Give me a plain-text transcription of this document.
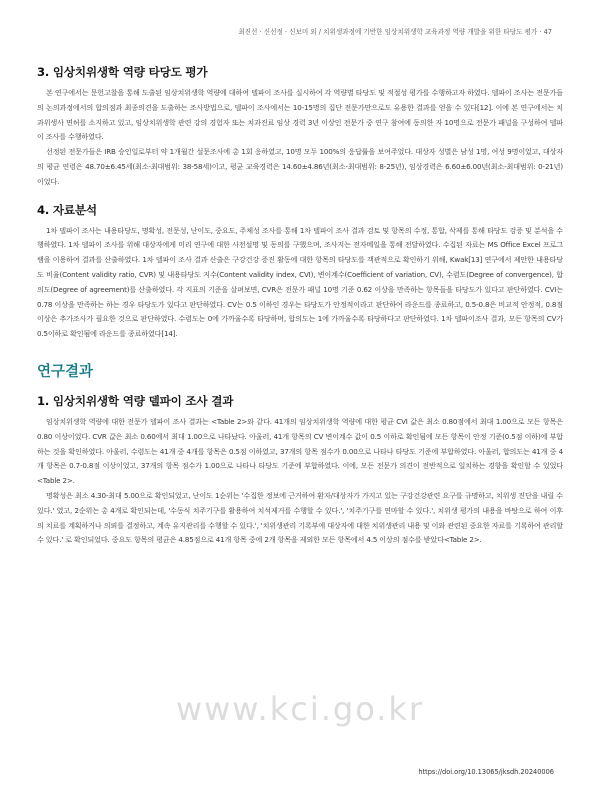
최진선 · 신선정 · 신보미 외 / 치위생과정에 기반한 임상치위생학 교육과정 역량 개발을 위한 타당도 평가 · 47
3. 임상치위생학 역량 타당도 평가

본 연구에서는 문헌고찰을 통해 도출된 임상치위생학 역량에 대하여 델파이 조사를 실시하여 각 역량별 타당도 및 적절성 평가를 수행하고자 하였다. 델파이 조사는 전문가들의 논의과정에서의 합의점과 최종의견을 도출하는 조사방법으로, 델파이 조사에서는 10-15명의 집단 전문가만으로도 유용한 결과를 얻을 수 있다[12]. 이에 본 연구에서는 치과위생사 면허를 소지하고 있고, 임상치위생학 관련 강의 경험자 또는 치과진료 임상 경력 3년 이상인 전문가 중 연구 참여에 동의한 자 10명으로 전문가 패널을 구성하여 델파이 조사를 수행하였다.

선정된 전문가들은 IRB 승인일로부터 약 1개월간 설문조사에 총 1회 응하였고, 10명 모두 100%의 응답률을 보여주었다. 대상자 성별은 남성 1명, 여성 9명이었고, 대상자의 평균 연령은 48.70±6.45세(최소-최대범위: 38-58세)이고, 평균 교육경력은 14.60±4.86년(최소-최대범위: 8-25년), 임상경력은 6.60±6.00년(최소-최대범위: 0-21년)이었다.

4. 자료분석

1차 델파이 조사는 내용타당도, 명확성, 전문성, 난이도, 중요도, 주체성 조사를 통해 1차 델파이 조사 결과 검토 및 항목의 수정, 통합, 삭제를 통해 타당도 검증 및 분석을 수행하였다. 1차 델파이 조사를 위해 대상자에게 미리 연구에 대한 사전설명 및 동의를 구했으며, 조사지는 전자메일을 통해 전달하였다. 수집된 자료는 MS Office Excel 프로그램을 이용하여 결과를 산출하였다. 1차 델파이 조사 결과 산출은 구강건강 증진 활동에 대한 항목의 타당도를 객관적으로 확인하기 위해, Kwak[13] 연구에서 제안한 내용타당도 비율(Content validity ratio, CVR) 및 내용타당도 지수(Content validity index, CVI), 변이계수(Coefficient of variation, CV), 수렴도(Degree of convergence), 합의도(Degree of agreement)를 산출하였다. 각 지표의 기준을 살펴보면, CVR은 전문가 패널 10명 기준 0.62 이상을 만족하는 항목들을 타당도가 있다고 판단하였다. CVI는 0.78 이상을 만족하는 하는 경우 타당도가 있다고 판단하였다. CV는 0.5 이하인 경우는 타당도가 안정적이라고 판단하여 라운드를 종료하고, 0.5-0.8은 비교적 안정적, 0.8점 이상은 추가조사가 필요한 것으로 판단하였다. 수렴도는 0에 가까울수록 타당하며, 합의도는 1에 가까울수록 타당하다고 판단하였다. 1차 델파이조사 결과, 모든 항목의 CV가 0.5이하로 확인됨에 라운드를 종료하였다[14].

연구결과
1. 임상치위생학 역량 델파이 조사 결과

임상치위생학 역량에 대한 전문가 델파이 조사 결과는 <Table 2>와 같다. 41개의 임상치위생학 역량에 대한 평균 CVI 값은 최소 0.80점에서 최대 1.00으로 모든 항목은 0.80 이상이었다. CVR 값은 최소 0.60에서 최대 1.00으로 나타났다. 아울러, 41개 항목의 CV 변이계수 값이 0.5 이하로 확인됨에 모든 항목이 안정 기준(0.5점 이하)에 부합하는 것을 확인하였다. 아울러, 수렴도는 41개 중 4개를 항목은 0.5점 이하였고, 37개의 항목 점수가 0.00으로 나타나 타당도 기준에 부합하였다. 아울러, 합의도는 41개 중 4개 항목은 0.7-0.8점 이상이었고, 37개의 항목 점수가 1.00으로 나타나 타당도 기준에 부합하였다. 이에, 모든 전문가 의견이 전반적으로 일치하는 경향을 확인할 수 있었다<Table 2>.

명확성은 최소 4.30-최대 5.00으로 확인되었고, 난이도 1순위는 '수집한 정보에 근거하여 환자/대상자가 가지고 있는 구강건강관련 요구를 규명하고, 치위생 진단을 내릴 수 있다.' 였고, 2순위는 총 4개로 확인되는데, '수동식 치주기구를 활용하여 치석제거를 수행할 수 있다.', '치주기구를 연마할 수 있다.', 치위생 평가의 내용을 바탕으로 하여 이후의 치료를 계획하거나 의뢰를 결정하고, 계속 유지관리를 수행할 수 있다.', '치위생관리 기록부에 대상자에 대한 치위생관리 내용 및 이와 관련된 중요한 자료를 기록하여 관리할 수 있다.' 로 확인되었다. 중요도 항목의 평균은 4.85점으로 41개 항목 중에 2개 항목을 제외한 모든 항목에서 4.5 이상의 점수를 받았다<Table 2>.

www.kci.go.kr
https://doi.org/10.13065/jksdh.20240006
